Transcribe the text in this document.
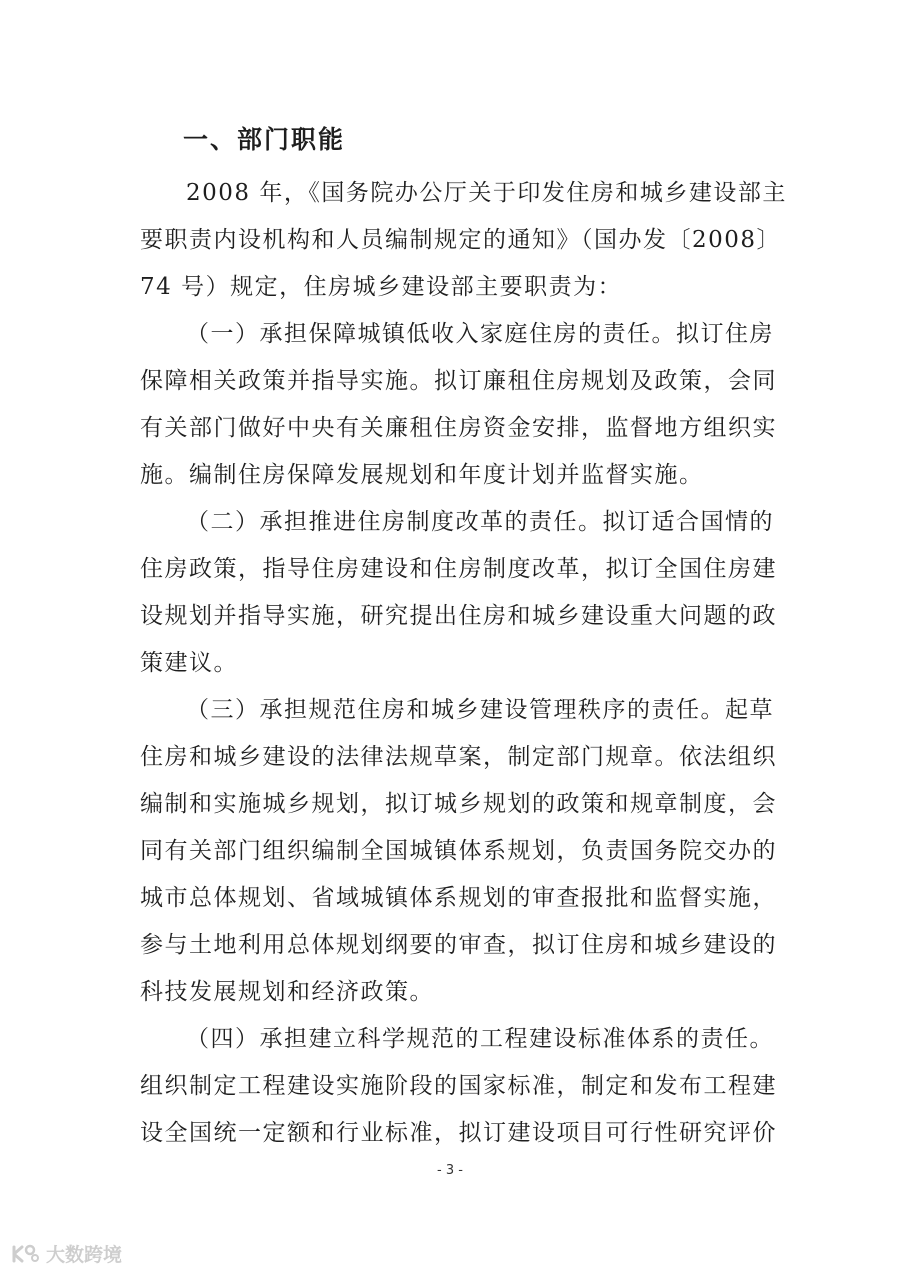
一、部门职能
2008 年，《国务院办公厅关于印发住房和城乡建设部主
要职责内设机构和人员编制规定的通知》（国办发〔2008〕
74 号）规定，住房城乡建设部主要职责为：
（一）承担保障城镇低收入家庭住房的责任。拟订住房
保障相关政策并指导实施。拟订廉租住房规划及政策，会同
有关部门做好中央有关廉租住房资金安排，监督地方组织实
施。编制住房保障发展规划和年度计划并监督实施。
（二）承担推进住房制度改革的责任。拟订适合国情的
住房政策，指导住房建设和住房制度改革，拟订全国住房建
设规划并指导实施，研究提出住房和城乡建设重大问题的政
策建议。
（三）承担规范住房和城乡建设管理秩序的责任。起草
住房和城乡建设的法律法规草案，制定部门规章。依法组织
编制和实施城乡规划，拟订城乡规划的政策和规章制度，会
同有关部门组织编制全国城镇体系规划，负责国务院交办的
城市总体规划、省域城镇体系规划的审查报批和监督实施，
参与土地利用总体规划纲要的审查，拟订住房和城乡建设的
科技发展规划和经济政策。
（四）承担建立科学规范的工程建设标准体系的责任。
组织制定工程建设实施阶段的国家标准，制定和发布工程建
设全国统一定额和行业标准，拟订建设项目可行性研究评价
- 3 -
大数跨境
